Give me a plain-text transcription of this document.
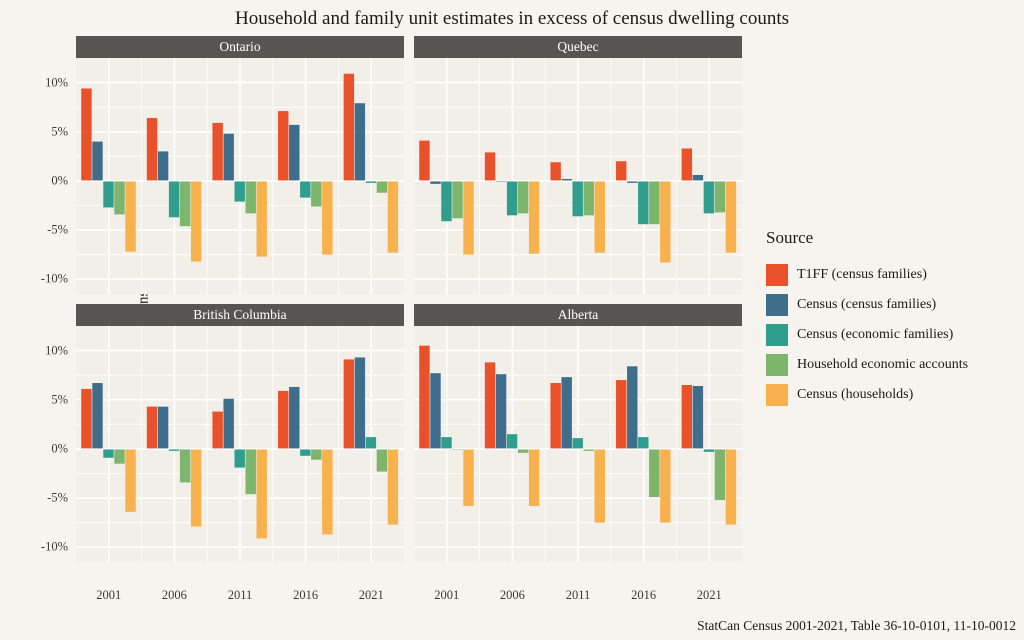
Household and family unit estimates in excess of census dwelling counts
-10%
-5%
0%
5%
10%
-10%
-5%
0%
5%
10%
Ontario	Quebec
British Columbia	Alberta
2001	2006	2011	2016	2021	2001	2006	2011	2016	2021
Source
T1FF (census families)
Census (census families)
Census (economic families)
Household economic accounts
Census (households)
StatCan Census 2001-2021, Table 36-10-0101, 11-10-0012
